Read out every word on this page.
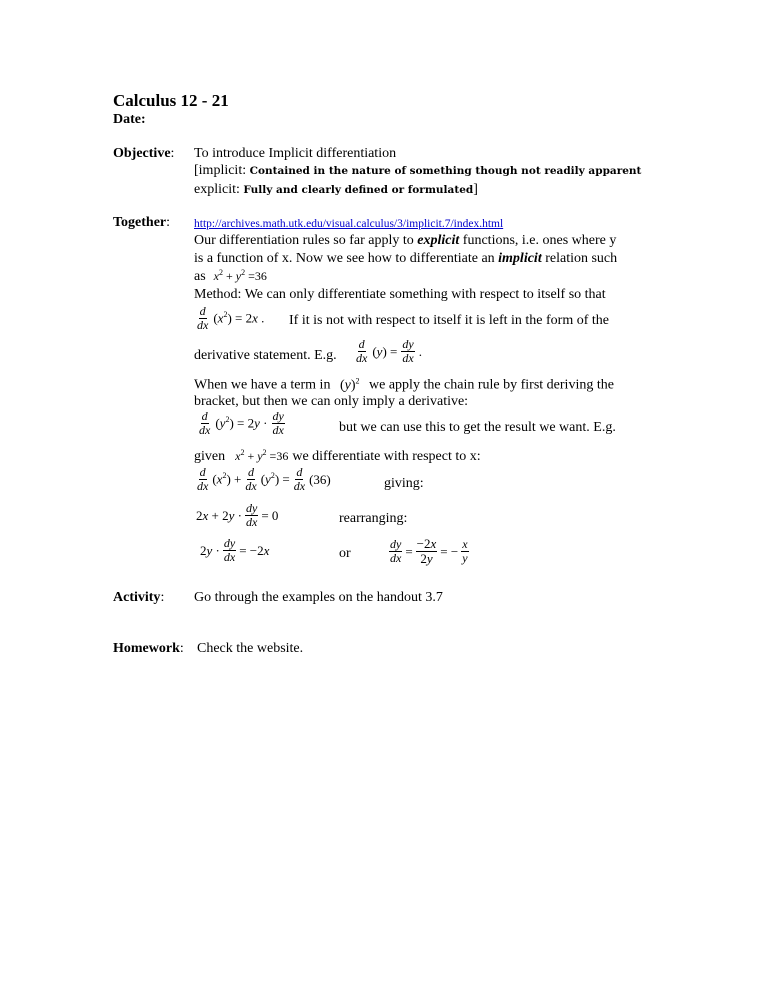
Calculus 12 - 21
Date:
Objective: To introduce Implicit differentiation
[implicit: Contained in the nature of something though not readily apparent
explicit: Fully and clearly defined or formulated]
Together: http://archives.math.utk.edu/visual.calculus/3/implicit.7/index.html
Our differentiation rules so far apply to explicit functions, i.e. ones where y
is a function of x. Now we see how to differentiate an implicit relation such
as $x^2 + y^2 =36$
Method: We can only differentiate something with respect to itself so that
$\frac{d}{dx} (x^2) = 2x$ . If it is not with respect to itself it is left in the form of the
derivative statement. E.g. $\frac{d}{dx} (y) = \frac{dy}{dx}$ .
When we have a term in $(y)^2$ we apply the chain rule by first deriving the
bracket, but then we can only imply a derivative:
$\frac{d}{dx} (y^2) = 2y \cdot \frac{dy}{dx}$	but we can use this to get the result we want. E.g.
given $x^2 + y^2 =36$ we differentiate with respect to x:
$\frac{d}{dx} (x^2) + \frac{d}{dx} (y^2) = \frac{d}{dx} (36)$	giving:
$2x + 2y \cdot \frac{dy}{dx} = 0$	rearranging:
$2y \cdot \frac{dy}{dx} = -2x$	or	$\frac{dy}{dx} = \frac{-2x}{2y}$ = − $\frac{x}{y}$
Activity: Go through the examples on the handout 3.7
Homework: Check the website.
